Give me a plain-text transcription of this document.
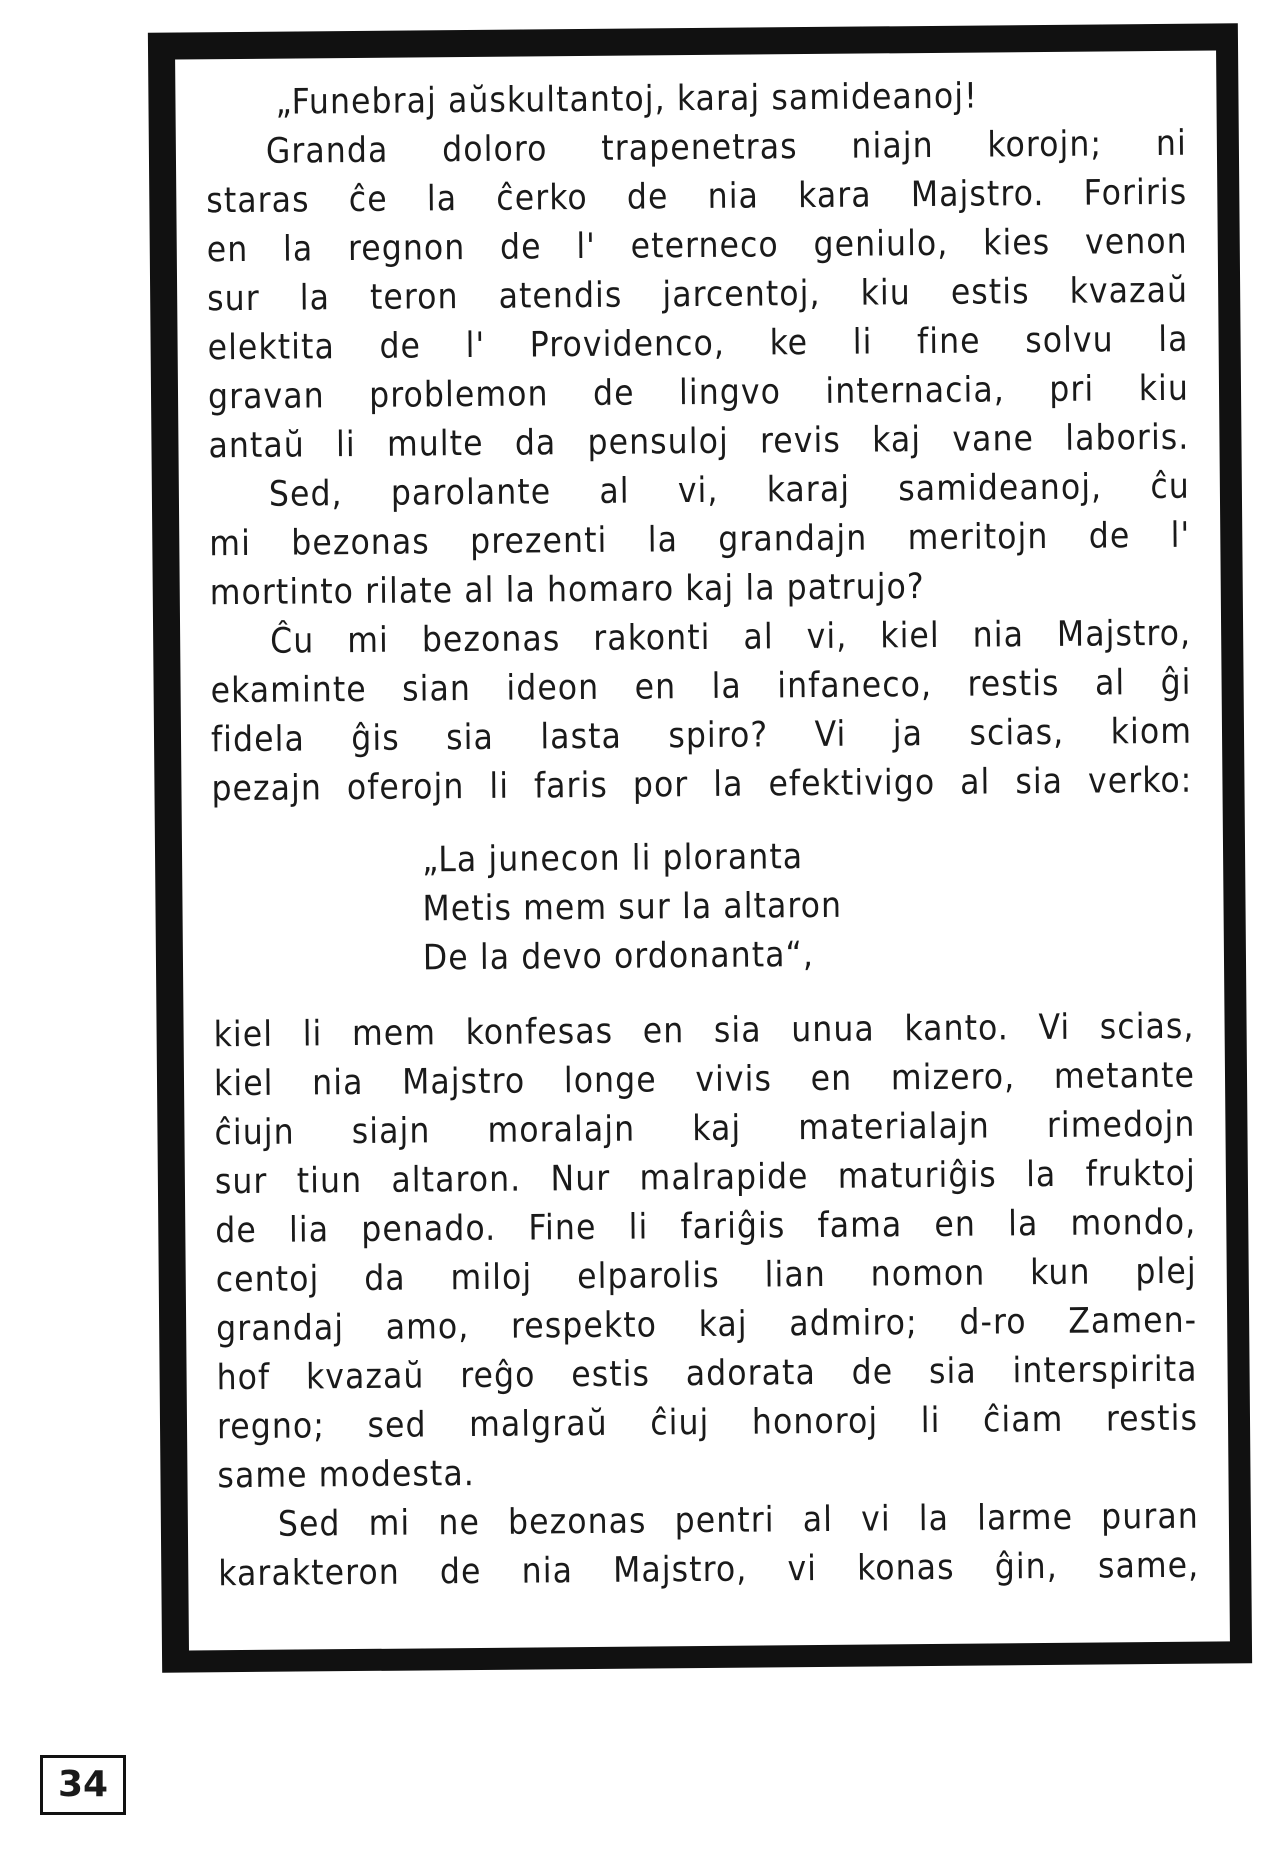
„Funebraj aŭskultantoj, karaj samideanoj!
Granda doloro trapenetras niajn korojn; ni
staras ĉe la ĉerko de nia kara Majstro. Foriris
en la regnon de l' eterneco geniulo, kies venon
sur la teron atendis jarcentoj, kiu estis kvazaŭ
elektita de l' Providenco, ke li fine solvu la
gravan problemon de lingvo internacia, pri kiu
antaŭ li multe da pensuloj revis kaj vane laboris.
Sed, parolante al vi, karaj samideanoj, ĉu
mi bezonas prezenti la grandajn meritojn de l'
mortinto rilate al la homaro kaj la patrujo?
Ĉu mi bezonas rakonti al vi, kiel nia Majstro,
ekaminte sian ideon en la infaneco, restis al ĝi
fidela ĝis sia lasta spiro? Vi ja scias, kiom
pezajn oferojn li faris por la efektivigo al sia verko:
„La junecon li ploranta
Metis mem sur la altaron
De la devo ordonanta“,
kiel li mem konfesas en sia unua kanto. Vi scias,
kiel nia Majstro longe vivis en mizero, metante
ĉiujn siajn moralajn kaj materialajn rimedojn
sur tiun altaron. Nur malrapide maturiĝis la fruktoj
de lia penado. Fine li fariĝis fama en la mondo,
centoj da miloj elparolis lian nomon kun plej
grandaj amo, respekto kaj admiro; d-ro Zamen-
hof kvazaŭ reĝo estis adorata de sia interspirita
regno; sed malgraŭ ĉiuj honoroj li ĉiam restis
same modesta.
Sed mi ne bezonas pentri al vi la larme puran
karakteron de nia Majstro, vi konas ĝin, same,
34
